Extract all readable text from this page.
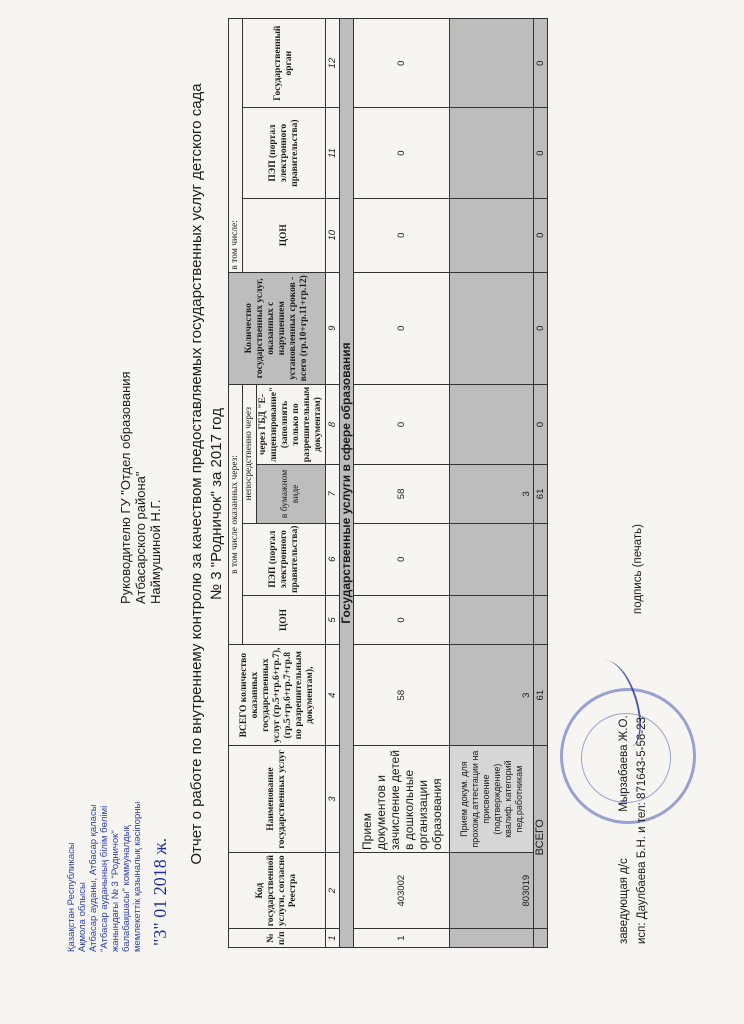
Қазақстан Республикасы Ақмола облысы Атбасар ауданы, Атбасар қаласы "Атбасар ауданының білім бөлімі жанындағы № 3 "Родничок" балабақшасы" коммуналдық мемлекеттік қазыналық кәсіпорны "3" 01 2018 ж.
Руководителю ГУ "Отдел образования Атбасарского района" Наймушиной Н.Г. Отчет о работе по внутреннему контролю за качеством предоставляемых государственных услуг детского сада № 3 "Родничок" за 2017 год
№ п/п	Код государственной услуги, согласно Реестра	Наименование государственных услуг	ВСЕГО количество оказанных государственных услуг (гр.5+гр.6+гр.7), (гр.5+гр.6+гр.7+гр.8 по разрешительным документам),	в том числе оказанных через:				Количество государственных услуг, оказанных с нарушением установленных сроков - всего (гр.10+гр.11+гр.12)	в том числе:		
				ЦОН	ПЭП (портал электронного правительства)	непосредственно через			ЦОН	ПЭП (портал электронного правительства)	Государственный орган
						в бумажном виде	через ГБД "Е-лицензирование" (заполнять только по разрешительным документам)				
1	2	3	4	5	6	7	8	9	10	11	12
Государственные услуги в сфере образования											
1	403002	Прием документов и зачисление детей в дошкольные организации образования	58	0	0	58	0	0	0	0	0
	803019	Прием докум. для прохожд.аттестации на присвоение (подтверждение) квалиф. категорий пед.работникам	3			3					
	ВСЕГО		61			61	0	0	0	0	0
заведующая д/с  Мырзабаева Ж.О. исп: Даулбаева Б.Н. и тел: 871643-5-56-23
подпись (печать)
